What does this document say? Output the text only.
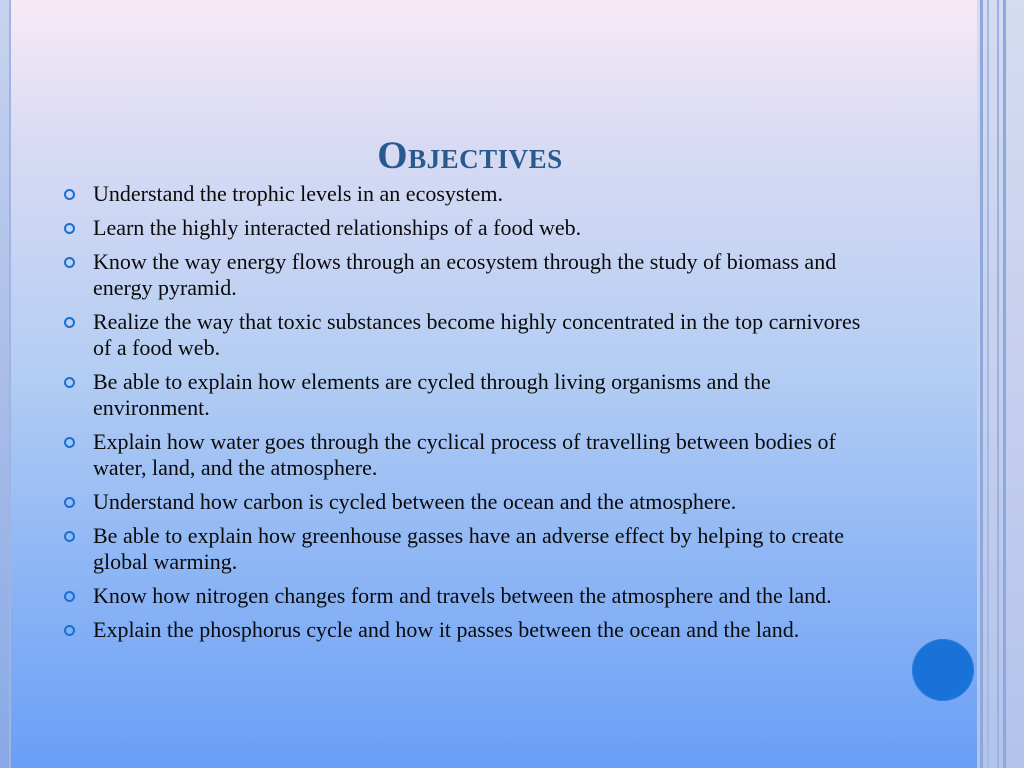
Objectives
Understand the trophic levels in an ecosystem.
Learn the highly interacted relationships of a food web.
Know the way energy flows through an ecosystem through the study of biomass and energy pyramid.
Realize the way that toxic substances become highly concentrated in the top carnivores of a food web.
Be able to explain how elements are cycled through living organisms and the environment.
Explain how water goes through the cyclical process of travelling between bodies of water, land, and the atmosphere.
Understand how carbon is cycled between the ocean and the atmosphere.
Be able to explain how greenhouse gasses have an adverse effect by helping to create global warming.
Know how nitrogen changes form and travels between the atmosphere and the land.
Explain the phosphorus cycle and how it passes between the ocean and the land.
